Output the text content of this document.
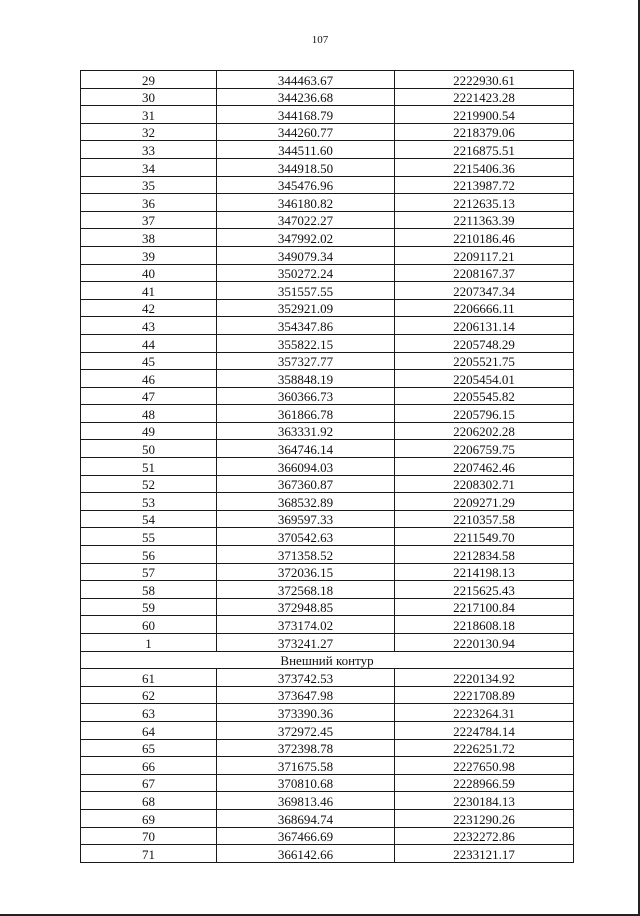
107
29	344463.67	2222930.61
30	344236.68	2221423.28
31	344168.79	2219900.54
32	344260.77	2218379.06
33	344511.60	2216875.51
34	344918.50	2215406.36
35	345476.96	2213987.72
36	346180.82	2212635.13
37	347022.27	2211363.39
38	347992.02	2210186.46
39	349079.34	2209117.21
40	350272.24	2208167.37
41	351557.55	2207347.34
42	352921.09	2206666.11
43	354347.86	2206131.14
44	355822.15	2205748.29
45	357327.77	2205521.75
46	358848.19	2205454.01
47	360366.73	2205545.82
48	361866.78	2205796.15
49	363331.92	2206202.28
50	364746.14	2206759.75
51	366094.03	2207462.46
52	367360.87	2208302.71
53	368532.89	2209271.29
54	369597.33	2210357.58
55	370542.63	2211549.70
56	371358.52	2212834.58
57	372036.15	2214198.13
58	372568.18	2215625.43
59	372948.85	2217100.84
60	373174.02	2218608.18
1	373241.27	2220130.94
Внешний контур		
61	373742.53	2220134.92
62	373647.98	2221708.89
63	373390.36	2223264.31
64	372972.45	2224784.14
65	372398.78	2226251.72
66	371675.58	2227650.98
67	370810.68	2228966.59
68	369813.46	2230184.13
69	368694.74	2231290.26
70	367466.69	2232272.86
71	366142.66	2233121.17
